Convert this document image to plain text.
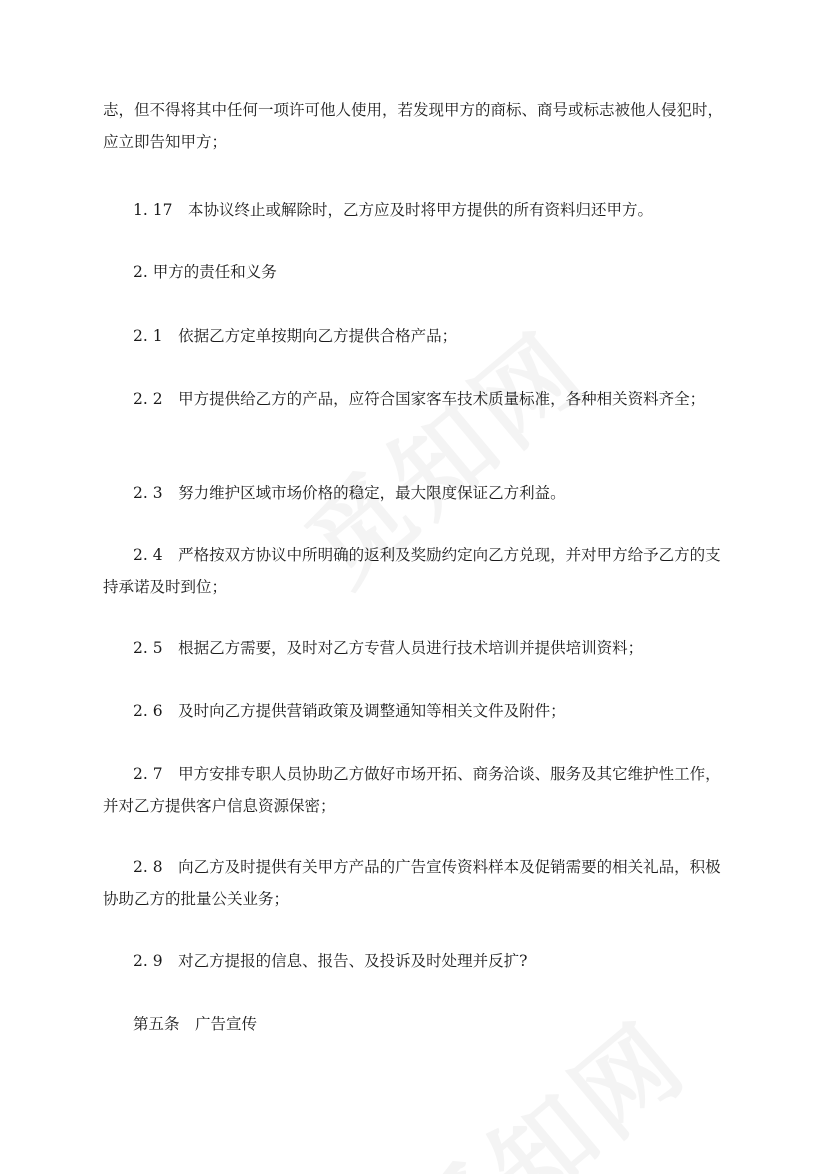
志，但不得将其中任何一项许可他人使用，若发现甲方的商标、商号或标志被他人侵犯时，应立即告知甲方；

1. 17　本协议终止或解除时，乙方应及时将甲方提供的所有资料归还甲方。

2. 甲方的责任和义务

2. 1　依据乙方定单按期向乙方提供合格产品；

2. 2　甲方提供给乙方的产品，应符合国家客车技术质量标准，各种相关资料齐全；

2. 3　努力维护区域市场价格的稳定，最大限度保证乙方利益。

2. 4　严格按双方协议中所明确的返利及奖励约定向乙方兑现，并对甲方给予乙方的支持承诺及时到位；

2. 5　根据乙方需要，及时对乙方专营人员进行技术培训并提供培训资料；

2. 6　及时向乙方提供营销政策及调整通知等相关文件及附件；

2. 7　甲方安排专职人员协助乙方做好市场开拓、商务洽谈、服务及其它维护性工作，并对乙方提供客户信息资源保密；

2. 8　向乙方及时提供有关甲方产品的广告宣传资料样本及促销需要的相关礼品，积极协助乙方的批量公关业务；

2. 9　对乙方提报的信息、报告、及投诉及时处理并反扩?

第五条　广告宣传
